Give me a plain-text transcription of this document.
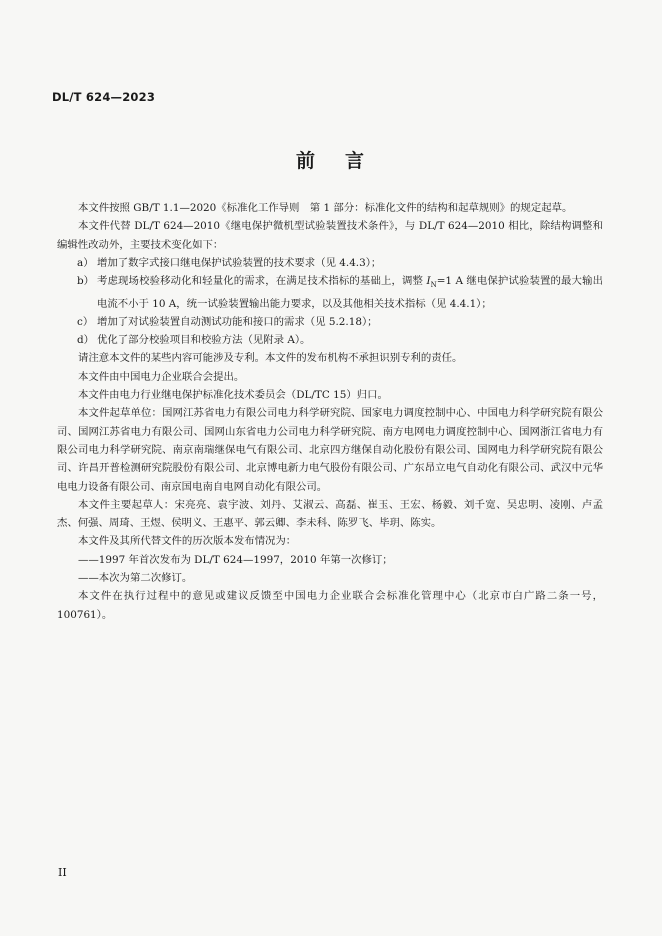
DL/T 624—2023
前 言

本文件按照 GB/T 1.1—2020《标准化工作导则　第 1 部分：标准化文件的结构和起草规则》的规定起草。

本文件代替 DL/T 624—2010《继电保护微机型试验装置技术条件》，与 DL/T 624—2010 相比，除结构调整和编辑性改动外，主要技术变化如下：

a） 增加了数字式接口继电保护试验装置的技术要求（见 4.4.3）；

b） 考虑现场校验移动化和轻量化的需求，在满足技术指标的基础上，调整 $I_N=1$ A 继电保护试验装置的最大输出电流不小于 10 A，统一试验装置输出能力要求，以及其他相关技术指标（见 4.4.1）；

c） 增加了对试验装置自动测试功能和接口的需求（见 5.2.18）；

d） 优化了部分校验项目和校验方法（见附录 A）。

请注意本文件的某些内容可能涉及专利。本文件的发布机构不承担识别专利的责任。

本文件由中国电力企业联合会提出。

本文件由电力行业继电保护标准化技术委员会（DL/TC 15）归口。

本文件起草单位：国网江苏省电力有限公司电力科学研究院、国家电力调度控制中心、中国电力科学研究院有限公司、国网江苏省电力有限公司、国网山东省电力公司电力科学研究院、南方电网电力调度控制中心、国网浙江省电力有限公司电力科学研究院、南京南瑞继保电气有限公司、北京四方继保自动化股份有限公司、国网电力科学研究院有限公司、许昌开普检测研究院股份有限公司、北京博电新力电气股份有限公司、广东昂立电气自动化有限公司、武汉中元华电电力设备有限公司、南京国电南自电网自动化有限公司。

本文件主要起草人：宋亮亮、袁宇波、刘丹、艾淑云、高磊、崔玉、王宏、杨毅、刘千宽、吴忠明、凌刚、卢孟杰、何强、周琦、王煜、侯明义、王惠平、郭云卿、李未科、陈罗飞、毕玥、陈实。

本文件及其所代替文件的历次版本发布情况为：

——1997 年首次发布为 DL/T 624—1997，2010 年第一次修订；

——本次为第二次修订。

本文件在执行过程中的意见或建议反馈至中国电力企业联合会标准化管理中心（北京市白广路二条一号，100761）。

II
